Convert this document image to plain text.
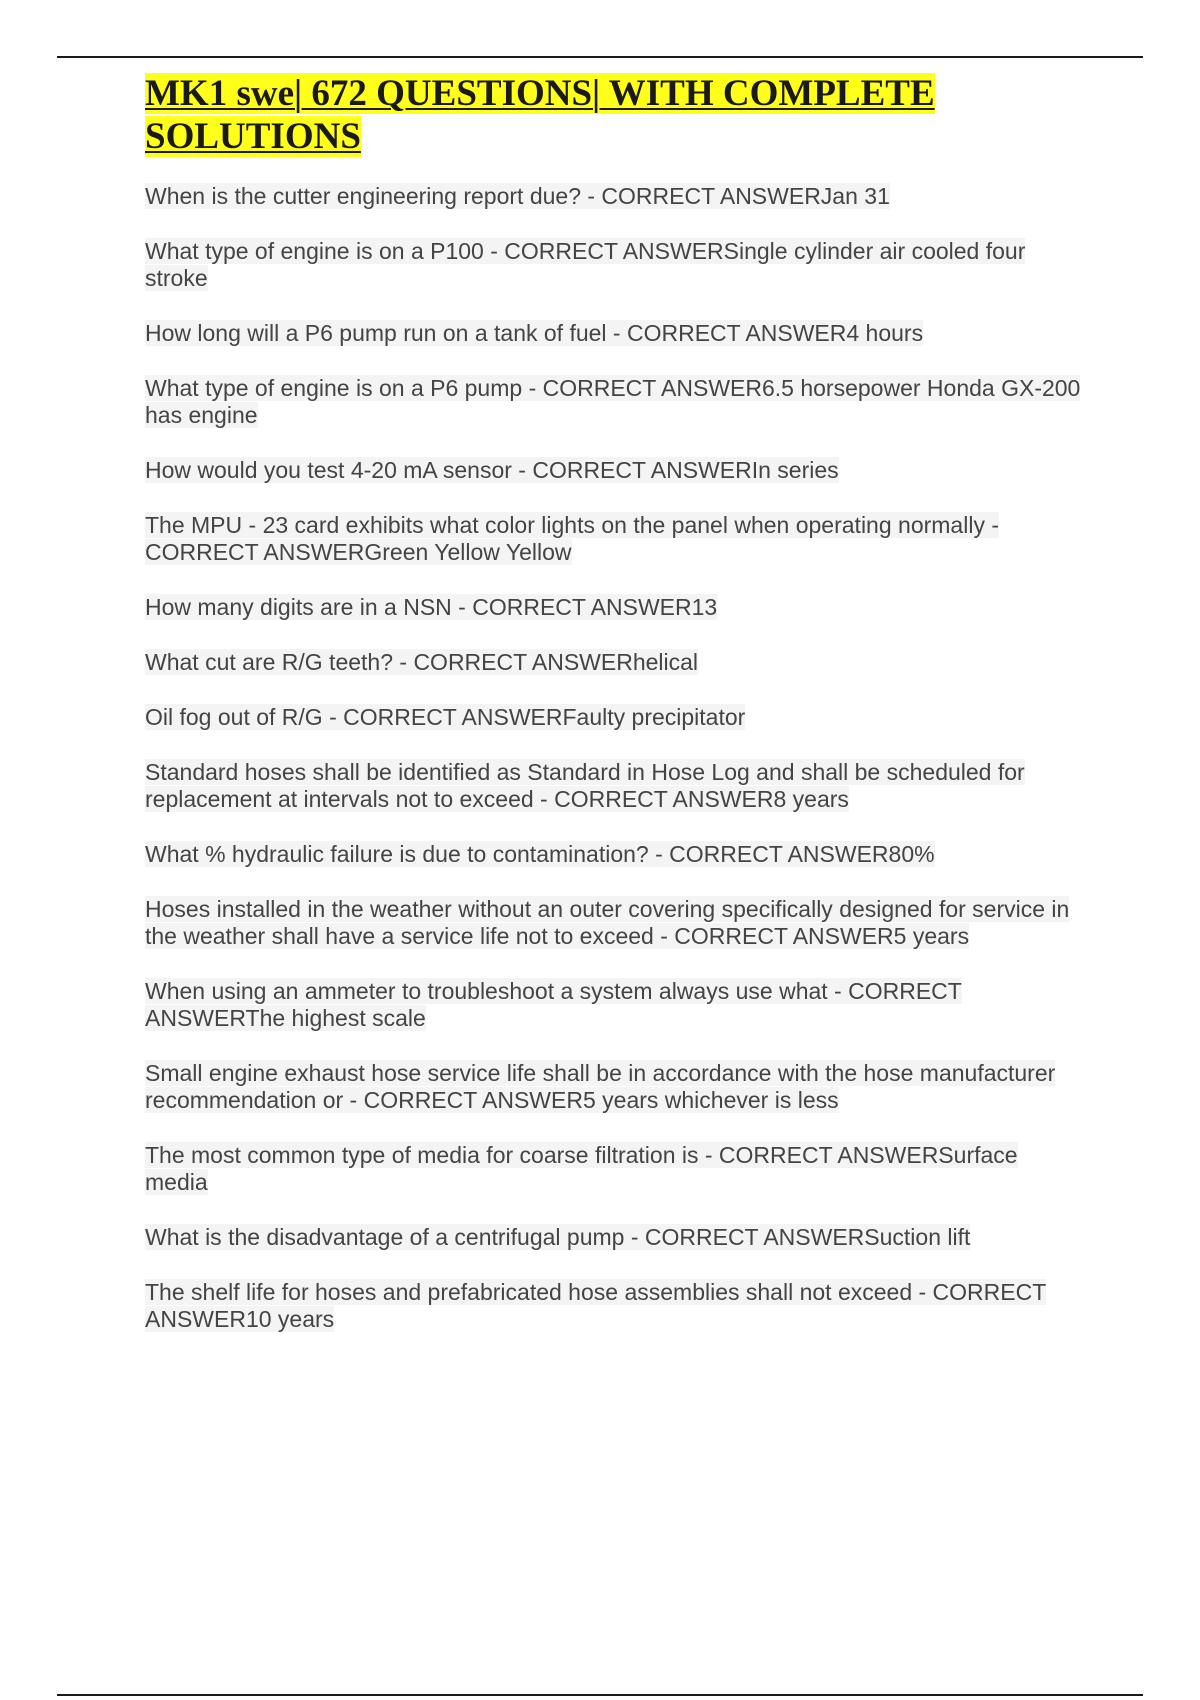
MK1 swe| 672 QUESTIONS| WITH COMPLETE SOLUTIONS
When is the cutter engineering report due? - CORRECT ANSWERJan 31
What type of engine is on a P100 - CORRECT ANSWERSingle cylinder air cooled four stroke
How long will a P6 pump run on a tank of fuel - CORRECT ANSWER4 hours
What type of engine is on a P6 pump - CORRECT ANSWER6.5 horsepower Honda GX-200 has engine
How would you test 4-20 mA sensor - CORRECT ANSWERIn series
The MPU - 23 card exhibits what color lights on the panel when operating normally - CORRECT ANSWERGreen Yellow Yellow
How many digits are in a NSN - CORRECT ANSWER13
What cut are R/G teeth? - CORRECT ANSWERhelical
Oil fog out of R/G - CORRECT ANSWERFaulty precipitator
Standard hoses shall be identified as Standard in Hose Log and shall be scheduled for replacement at intervals not to exceed - CORRECT ANSWER8 years
What % hydraulic failure is due to contamination? - CORRECT ANSWER80%
Hoses installed in the weather without an outer covering specifically designed for service in the weather shall have a service life not to exceed - CORRECT ANSWER5 years
When using an ammeter to troubleshoot a system always use what - CORRECT ANSWERThe highest scale
Small engine exhaust hose service life shall be in accordance with the hose manufacturer recommendation or - CORRECT ANSWER5 years whichever is less
The most common type of media for coarse filtration is - CORRECT ANSWERSurface media
What is the disadvantage of a centrifugal pump - CORRECT ANSWERSuction lift
The shelf life for hoses and prefabricated hose assemblies shall not exceed - CORRECT ANSWER10 years
